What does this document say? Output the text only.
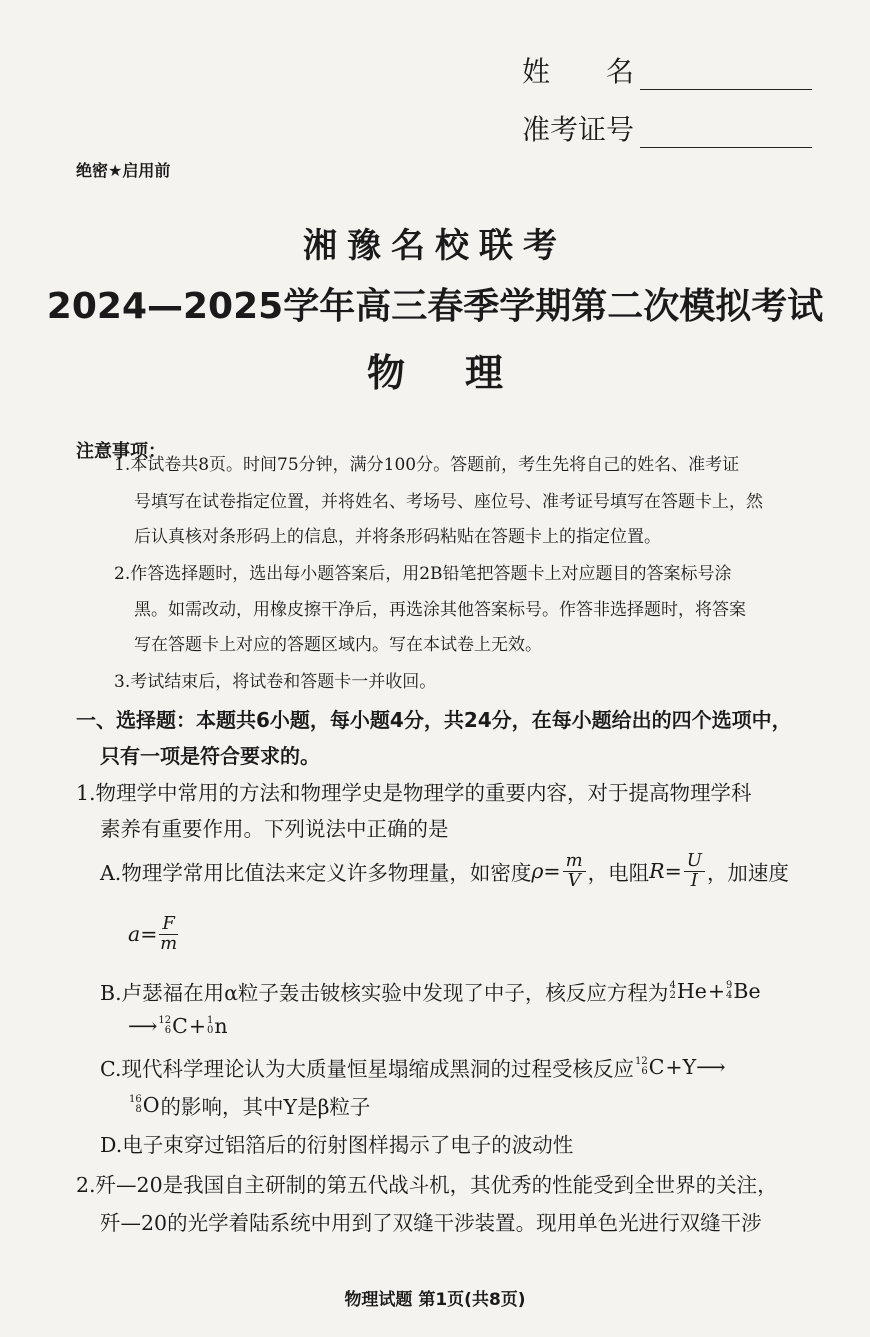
姓　　名
准考证号
绝密★启用前
湘豫名校联考
2024—2025学年高三春季学期第二次模拟考试
物理
注意事项：
1.本试卷共8页。时间75分钟，满分100分。答题前，考生先将自己的姓名、准考证
号填写在试卷指定位置，并将姓名、考场号、座位号、准考证号填写在答题卡上，然
后认真核对条形码上的信息，并将条形码粘贴在答题卡上的指定位置。
2.作答选择题时，选出每小题答案后，用2B铅笔把答题卡上对应题目的答案标号涂
黑。如需改动，用橡皮擦干净后，再选涂其他答案标号。作答非选择题时，将答案
写在答题卡上对应的答题区域内。写在本试卷上无效。
3.考试结束后，将试卷和答题卡一并收回。
一、选择题：本题共6小题，每小题4分，共24分，在每小题给出的四个选项中，
只有一项是符合要求的。
1.物理学中常用的方法和物理学史是物理学的重要内容，对于提高物理学科
素养有重要作用。下列说法中正确的是
A.物理学常用比值法来定义许多物理量，如密度 $\rho= \frac{m}{V}$ ，电阻 $R= \frac{U}{I}$ ，加速度
$a= \frac{F}{m}$
B.卢瑟福在用α粒子轰击铍核实验中发现了中子，核反应方程为 4
2 He + 9
4 Be
⟶ 12
6 C + 1
0 n
C.现代科学理论认为大质量恒星塌缩成黑洞的过程受核反应 12
6 C +Y⟶
16
8 O 的影响，其中Y是β粒子
D.电子束穿过铝箔后的衍射图样揭示了电子的波动性
2.歼—20是我国自主研制的第五代战斗机，其优秀的性能受到全世界的关注，
歼—20的光学着陆系统中用到了双缝干涉装置。现用单色光进行双缝干涉
物理试题 第1页(共8页)
